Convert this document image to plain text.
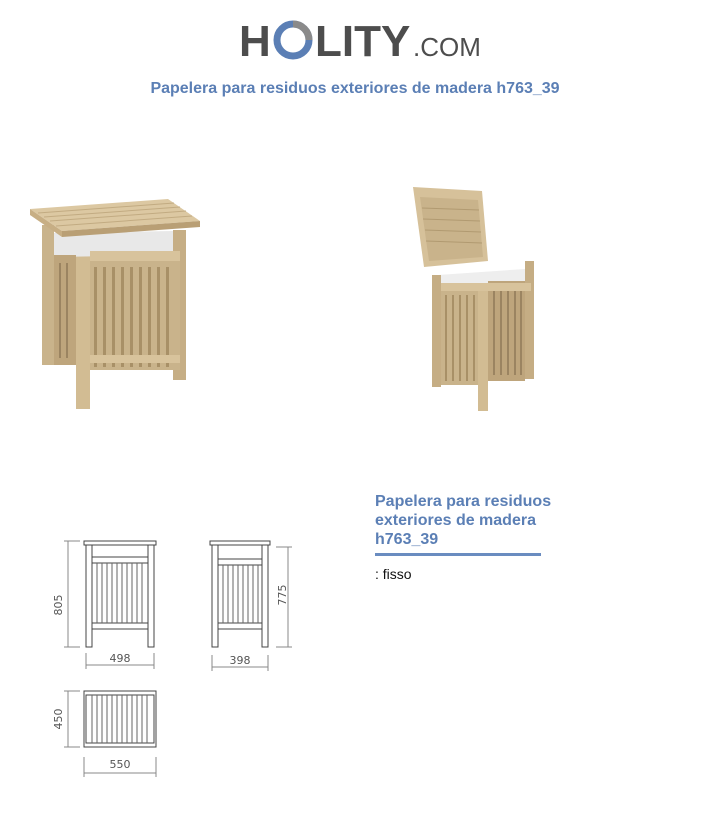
H LITY .COM
Papelera para residuos exteriores de madera h763_39
Papelera para residuos exteriores de madera h763_39
: fisso
805
498
775
398
450
550
